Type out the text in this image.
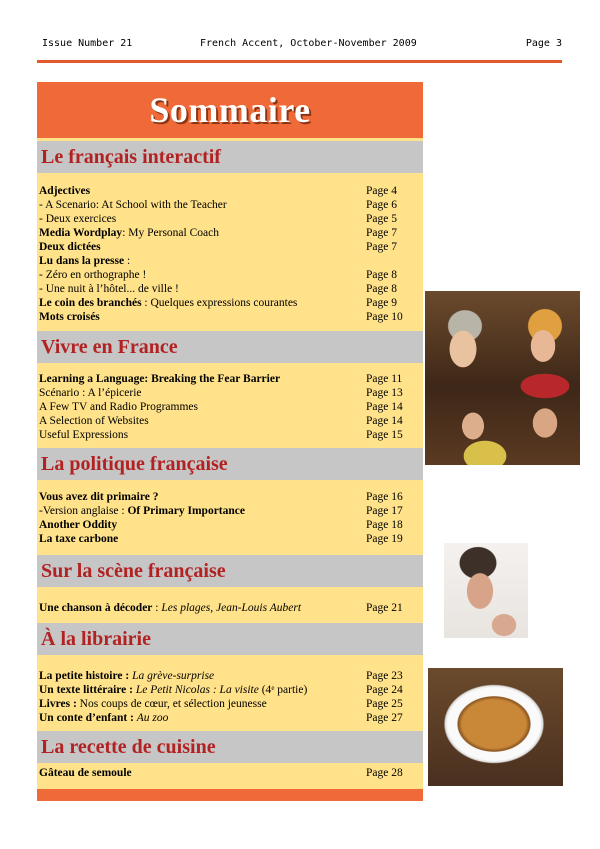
Issue Number 21	French Accent, October-November 2009	Page 3
Sommaire
Le français interactif
Adjectives	Page 4
- A Scenario: At School with the Teacher	Page 6
- Deux exercices	Page 5
Media Wordplay: My Personal Coach	Page 7
Deux dictées	Page 7
Lu dans la presse :
- Zéro en orthographe !	Page 8
- Une nuit à l’hôtel... de ville !	Page 8
Le coin des branchés : Quelques expressions courantes	Page 9
Mots croisés	Page 10
Vivre en France
Learning a Language: Breaking the Fear Barrier	Page 11
Scénario : A l’épicerie	Page 13
A Few TV and Radio Programmes	Page 14
A Selection of Websites	Page 14
Useful Expressions	Page 15
La politique française
Vous avez dit primaire ?	Page 16
-Version anglaise : Of Primary Importance	Page 17
Another Oddity	Page 18
La taxe carbone	Page 19
Sur la scène française
Une chanson à décoder : Les plages, Jean-Louis Aubert	Page 21
À la librairie
La petite histoire : La grève-surprise	Page 23
Un texte littéraire : Le Petit Nicolas : La visite (4e partie)	Page 24
Livres : Nos coups de cœur, et sélection jeunesse	Page 25
Un conte d’enfant : Au zoo	Page 27
La recette de cuisine
Gâteau de semoule	Page 28
